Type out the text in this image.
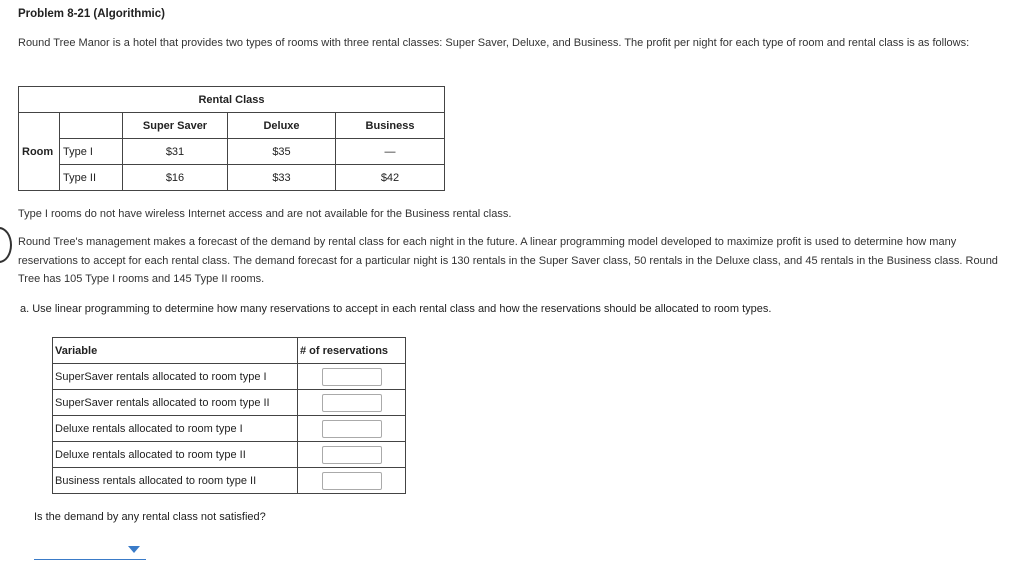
Problem 8-21 (Algorithmic)
Round Tree Manor is a hotel that provides two types of rooms with three rental classes: Super Saver, Deluxe, and Business. The profit per night for each type of room and rental class is as follows:
Rental Class				
Room		Super Saver	Deluxe	Business
	Type I	$31	$35	—
	Type II	$16	$33	$42
Type I rooms do not have wireless Internet access and are not available for the Business rental class.
Round Tree's management makes a forecast of the demand by rental class for each night in the future. A linear programming model developed to maximize profit is used to determine how many reservations to accept for each rental class. The demand forecast for a particular night is 130 rentals in the Super Saver class, 50 rentals in the Deluxe class, and 45 rentals in the Business class. Round Tree has 105 Type I rooms and 145 Type II rooms.
a. Use linear programming to determine how many reservations to accept in each rental class and how the reservations should be allocated to room types.
Variable	# of reservations
SuperSaver rentals allocated to room type I	
SuperSaver rentals allocated to room type II	
Deluxe rentals allocated to room type I	
Deluxe rentals allocated to room type II	
Business rentals allocated to room type II	
Is the demand by any rental class not satisfied?
